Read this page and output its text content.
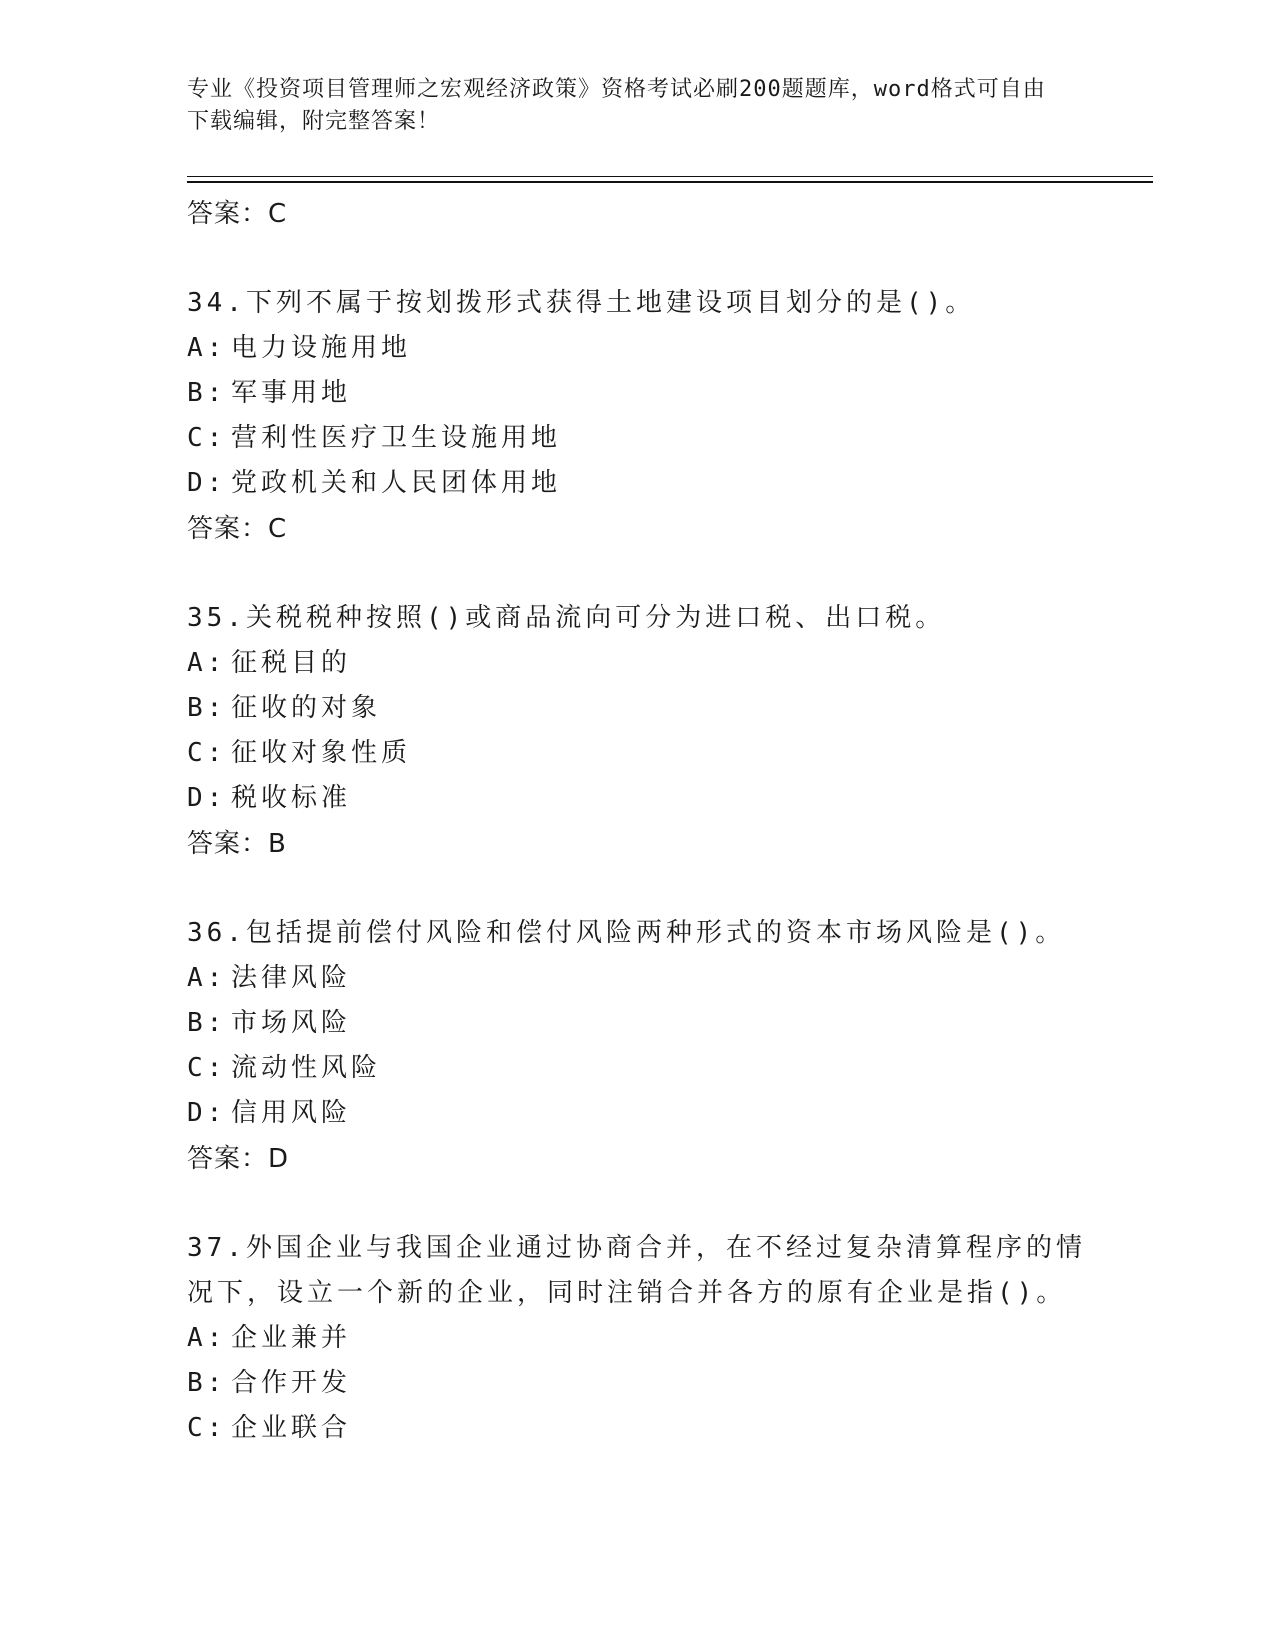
专业《投资项目管理师之宏观经济政策》资格考试必刷200题题库，word格式可自由下载编辑，附完整答案！
答案：C
34.下列不属于按划拨形式获得土地建设项目划分的是()。
A: 电力设施用地
B: 军事用地
C: 营利性医疗卫生设施用地
D: 党政机关和人民团体用地
答案：C
35.关税税种按照()或商品流向可分为进口税、出口税。
A: 征税目的
B: 征收的对象
C: 征收对象性质
D: 税收标准
答案：B
36.包括提前偿付风险和偿付风险两种形式的资本市场风险是()。
A: 法律风险
B: 市场风险
C: 流动性风险
D: 信用风险
答案：D
37.外国企业与我国企业通过协商合并，在不经过复杂清算程序的情况下，设立一个新的企业，同时注销合并各方的原有企业是指()。
A: 企业兼并
B: 合作开发
C: 企业联合
